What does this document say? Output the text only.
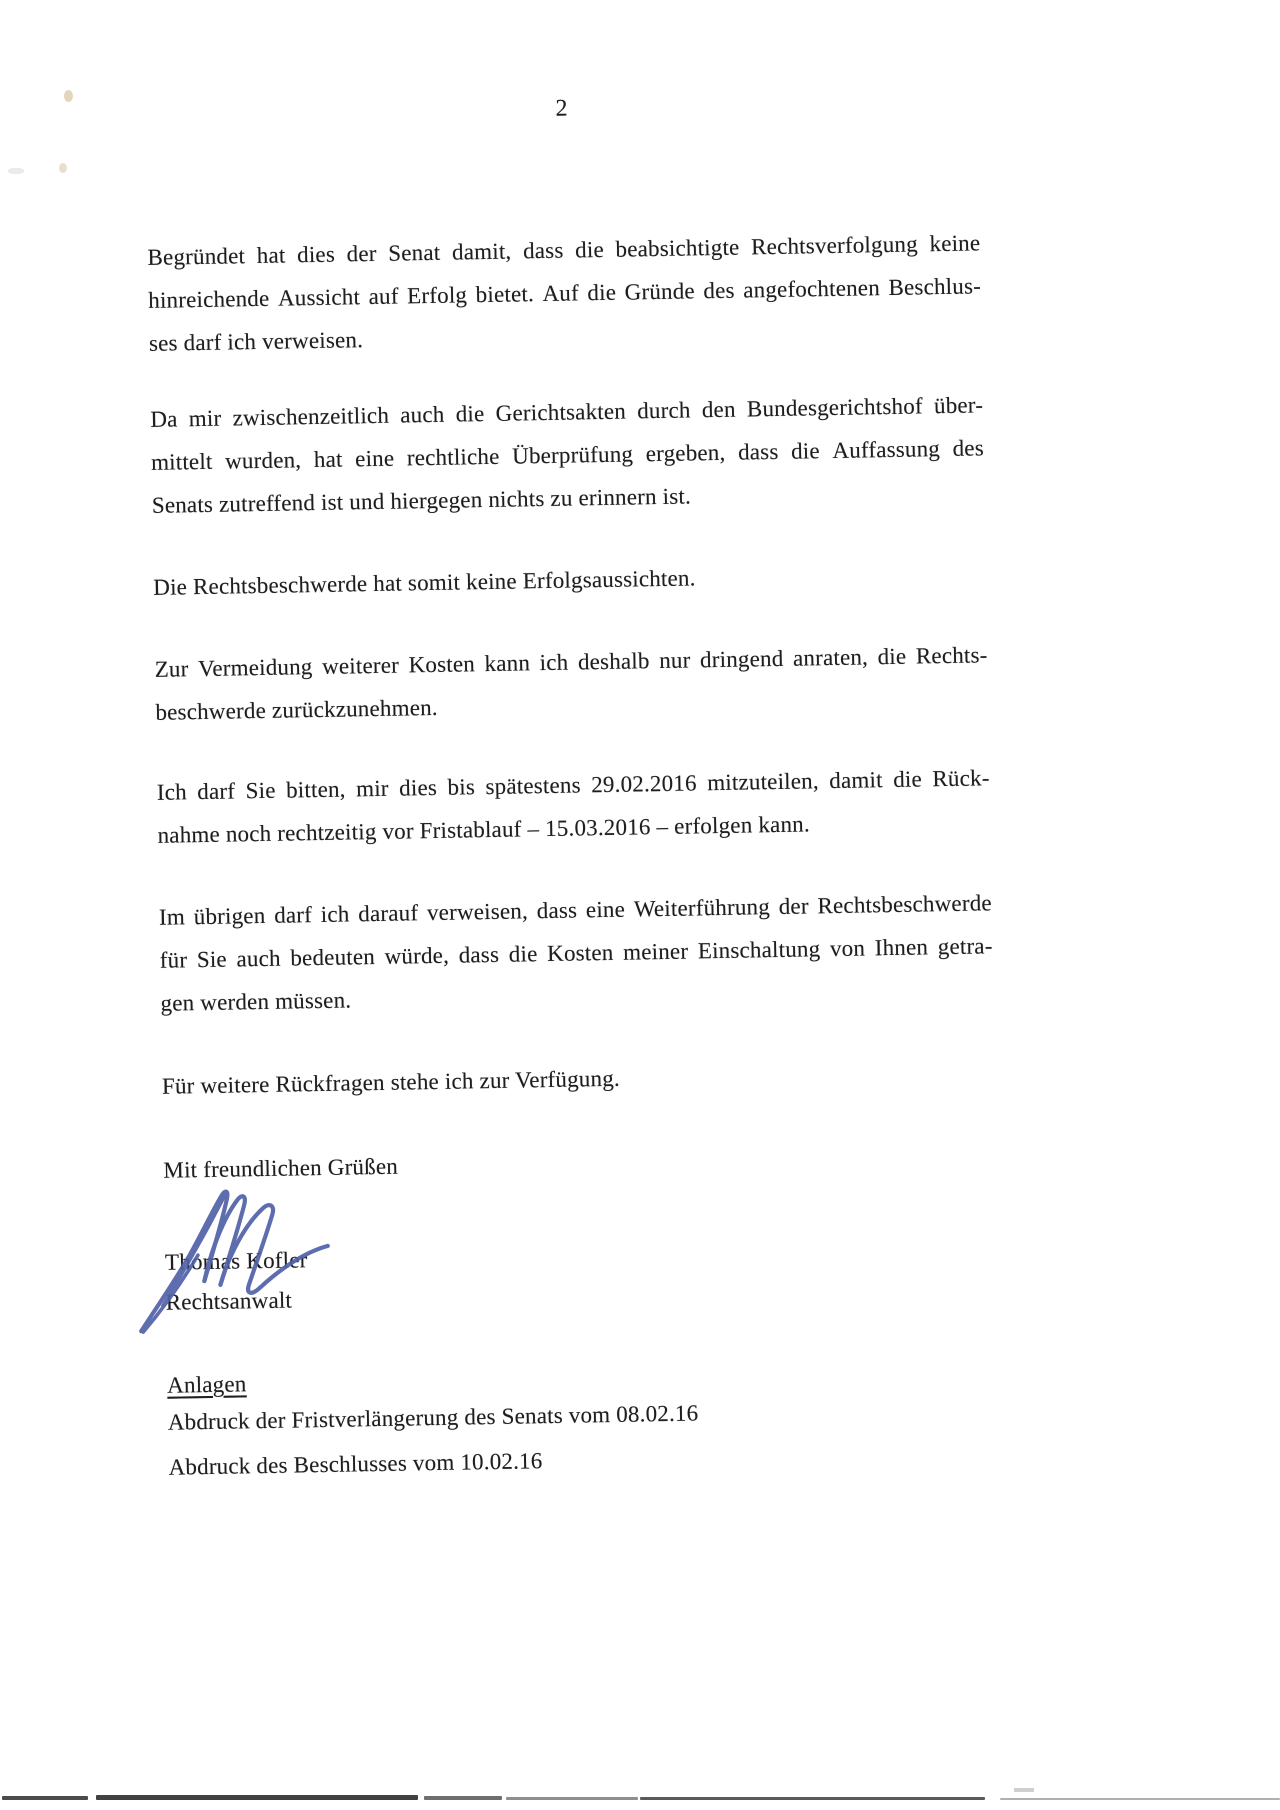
2
Begründet hat dies der Senat damit, dass die beabsichtigte Rechtsverfolgung keine
hinreichende Aussicht auf Erfolg bietet. Auf die Gründe des angefochtenen Beschlus-
ses darf ich verweisen.
Da mir zwischenzeitlich auch die Gerichtsakten durch den Bundesgerichtshof über-
mittelt wurden, hat eine rechtliche Überprüfung ergeben, dass die Auffassung des
Senats zutreffend ist und hiergegen nichts zu erinnern ist.
Die Rechtsbeschwerde hat somit keine Erfolgsaussichten.
Zur Vermeidung weiterer Kosten kann ich deshalb nur dringend anraten, die Rechts-
beschwerde zurückzunehmen.
Ich darf Sie bitten, mir dies bis spätestens 29.02.2016 mitzuteilen, damit die Rück-
nahme noch rechtzeitig vor Fristablauf – 15.03.2016 – erfolgen kann.
Im übrigen darf ich darauf verweisen, dass eine Weiterführung der Rechtsbeschwerde
für Sie auch bedeuten würde, dass die Kosten meiner Einschaltung von Ihnen getra-
gen werden müssen.
Für weitere Rückfragen stehe ich zur Verfügung.
Mit freundlichen Grüßen
Thomas Kofler
Rechtsanwalt
Anlagen
Abdruck der Fristverlängerung des Senats vom 08.02.16
Abdruck des Beschlusses vom 10.02.16
